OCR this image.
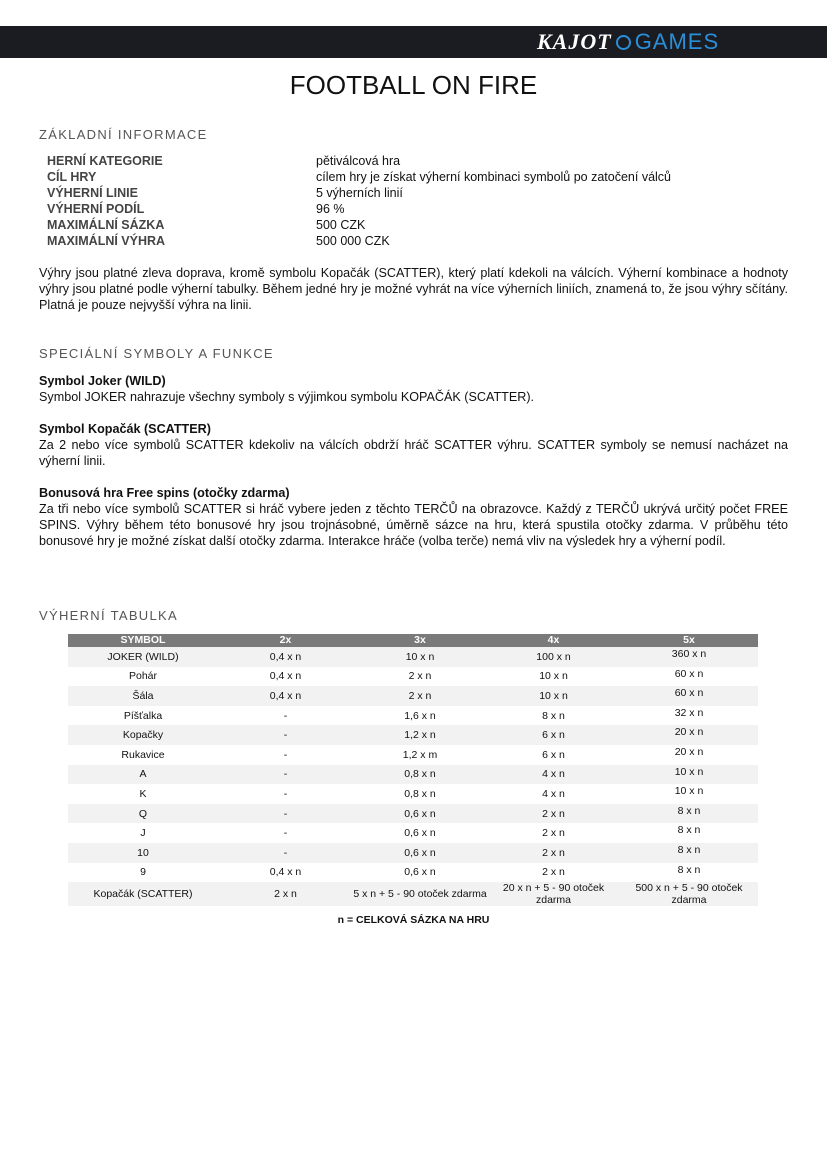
KAJOT GAMES
FOOTBALL ON FIRE
ZÁKLADNÍ INFORMACE
HERNÍ KATEGORIE	pětiválcová hra
CÍL HRY	cílem hry je získat výherní kombinaci symbolů po zatočení válců
VÝHERNÍ LINIE	5 výherních linií
VÝHERNÍ PODÍL	96 %
MAXIMÁLNÍ SÁZKA	500 CZK
MAXIMÁLNÍ VÝHRA	500 000 CZK
Výhry jsou platné zleva doprava, kromě symbolu Kopačák (SCATTER), který platí kdekoli na válcích. Výherní kombinace a hodnoty výhry jsou platné podle výherní tabulky. Během jedné hry je možné vyhrát na více výherních liniích, znamená to, že jsou výhry sčítány. Platná je pouze nejvyšší výhra na linii.
SPECIÁLNÍ SYMBOLY A FUNKCE
Symbol Joker (WILD)
Symbol JOKER nahrazuje všechny symboly s výjimkou symbolu KOPAČÁK (SCATTER).
Symbol Kopačák (SCATTER)
Za 2 nebo více symbolů SCATTER kdekoliv na válcích obdrží hráč SCATTER výhru. SCATTER symboly se nemusí nacházet na výherní linii.
Bonusová hra Free spins (otočky zdarma)
Za tři nebo více symbolů SCATTER si hráč vybere jeden z těchto TERČŮ na obrazovce. Každý z TERČŮ ukrývá určitý počet FREE SPINS. Výhry během této bonusové hry jsou trojnásobné, úměrně sázce na hru, která spustila otočky zdarma. V průběhu této bonusové hry je možné získat další otočky zdarma. Interakce hráče (volba terče) nemá vliv na výsledek hry a výherní podíl.
VÝHERNÍ TABULKA
SYMBOL	2x	3x	4x	5x
JOKER (WILD)	0,4 x n	10 x n	100 x n	360 x n
Pohár	0,4 x n	2 x n	10 x n	60 x n
Šála	0,4 x n	2 x n	10 x n	60 x n
Píšťalka	-	1,6 x n	8 x n	32 x n
Kopačky	-	1,2 x n	6 x n	20 x n
Rukavice	-	1,2 x m	6 x n	20 x n
A	-	0,8 x n	4 x n	10 x n
K	-	0,8 x n	4 x n	10 x n
Q	-	0,6 x n	2 x n	8 x n
J	-	0,6 x n	2 x n	8 x n
10	-	0,6 x n	2 x n	8 x n
9	0,4 x n	0,6 x n	2 x n	8 x n
Kopačák (SCATTER)	2 x n	5 x n + 5 - 90 otoček zdarma	20 x n + 5 - 90 otoček zdarma	500 x n + 5 - 90 otoček zdarma
n = CELKOVÁ SÁZKA NA HRU
